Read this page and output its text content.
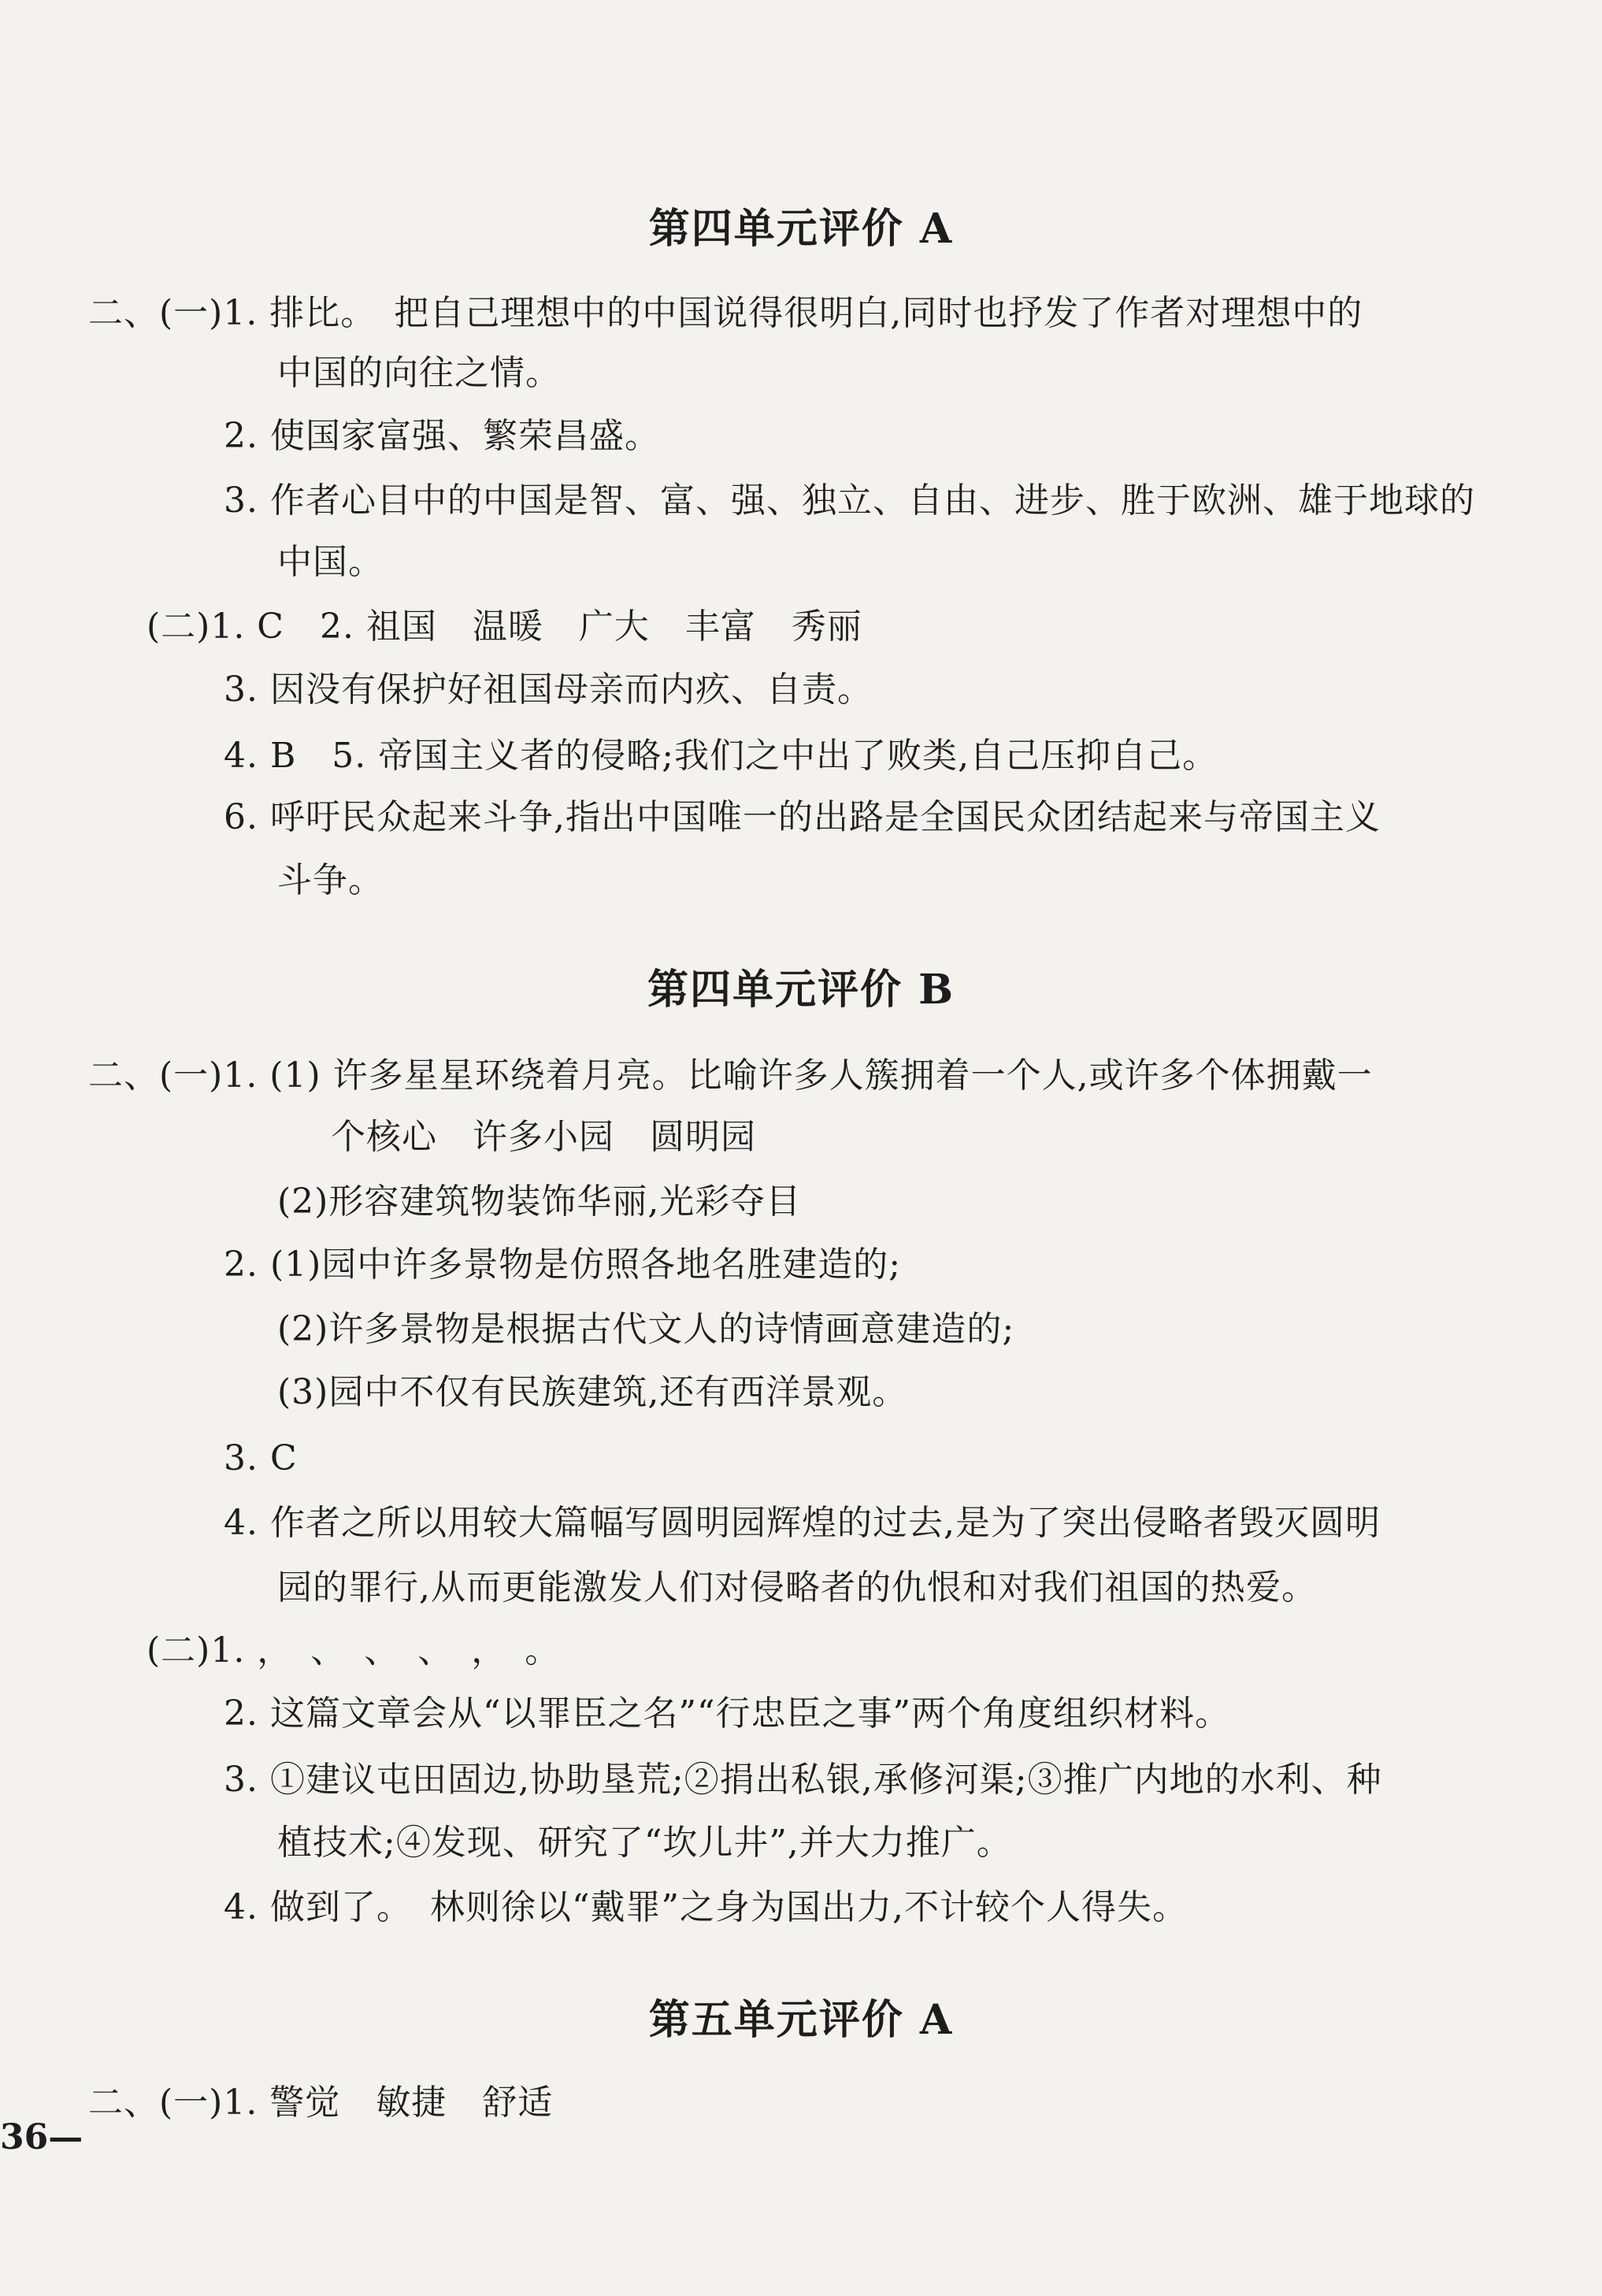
第四单元评价 A
二、(一)1. 排比。　把自己理想中的中国说得很明白,同时也抒发了作者对理想中的
中国的向往之情。
2. 使国家富强、繁荣昌盛。
3. 作者心目中的中国是智、富、强、独立、自由、进步、胜于欧洲、雄于地球的
中国。
(二)1. C　2. 祖国　温暖　广大　丰富　秀丽
3. 因没有保护好祖国母亲而内疚、自责。
4. B　5. 帝国主义者的侵略;我们之中出了败类,自己压抑自己。
6. 呼吁民众起来斗争,指出中国唯一的出路是全国民众团结起来与帝国主义
斗争。
第四单元评价 B
二、(一)1. (1) 许多星星环绕着月亮。比喻许多人簇拥着一个人,或许多个体拥戴一
个核心　许多小园　圆明园
(2)形容建筑物装饰华丽,光彩夺目
2. (1)园中许多景物是仿照各地名胜建造的;
(2)许多景物是根据古代文人的诗情画意建造的;
(3)园中不仅有民族建筑,还有西洋景观。
3. C
4. 作者之所以用较大篇幅写圆明园辉煌的过去,是为了突出侵略者毁灭圆明
园的罪行,从而更能激发人们对侵略者的仇恨和对我们祖国的热爱。
(二)1. ，　、　、　、　，　。
2. 这篇文章会从“以罪臣之名”“行忠臣之事”两个角度组织材料。
3. ①建议屯田固边,协助垦荒;②捐出私银,承修河渠;③推广内地的水利、种
植技术;④发现、研究了“坎儿井”,并大力推广。
4. 做到了。　林则徐以“戴罪”之身为国出力,不计较个人得失。
第五单元评价 A
二、(一)1. 警觉　敏捷　舒适
36—
